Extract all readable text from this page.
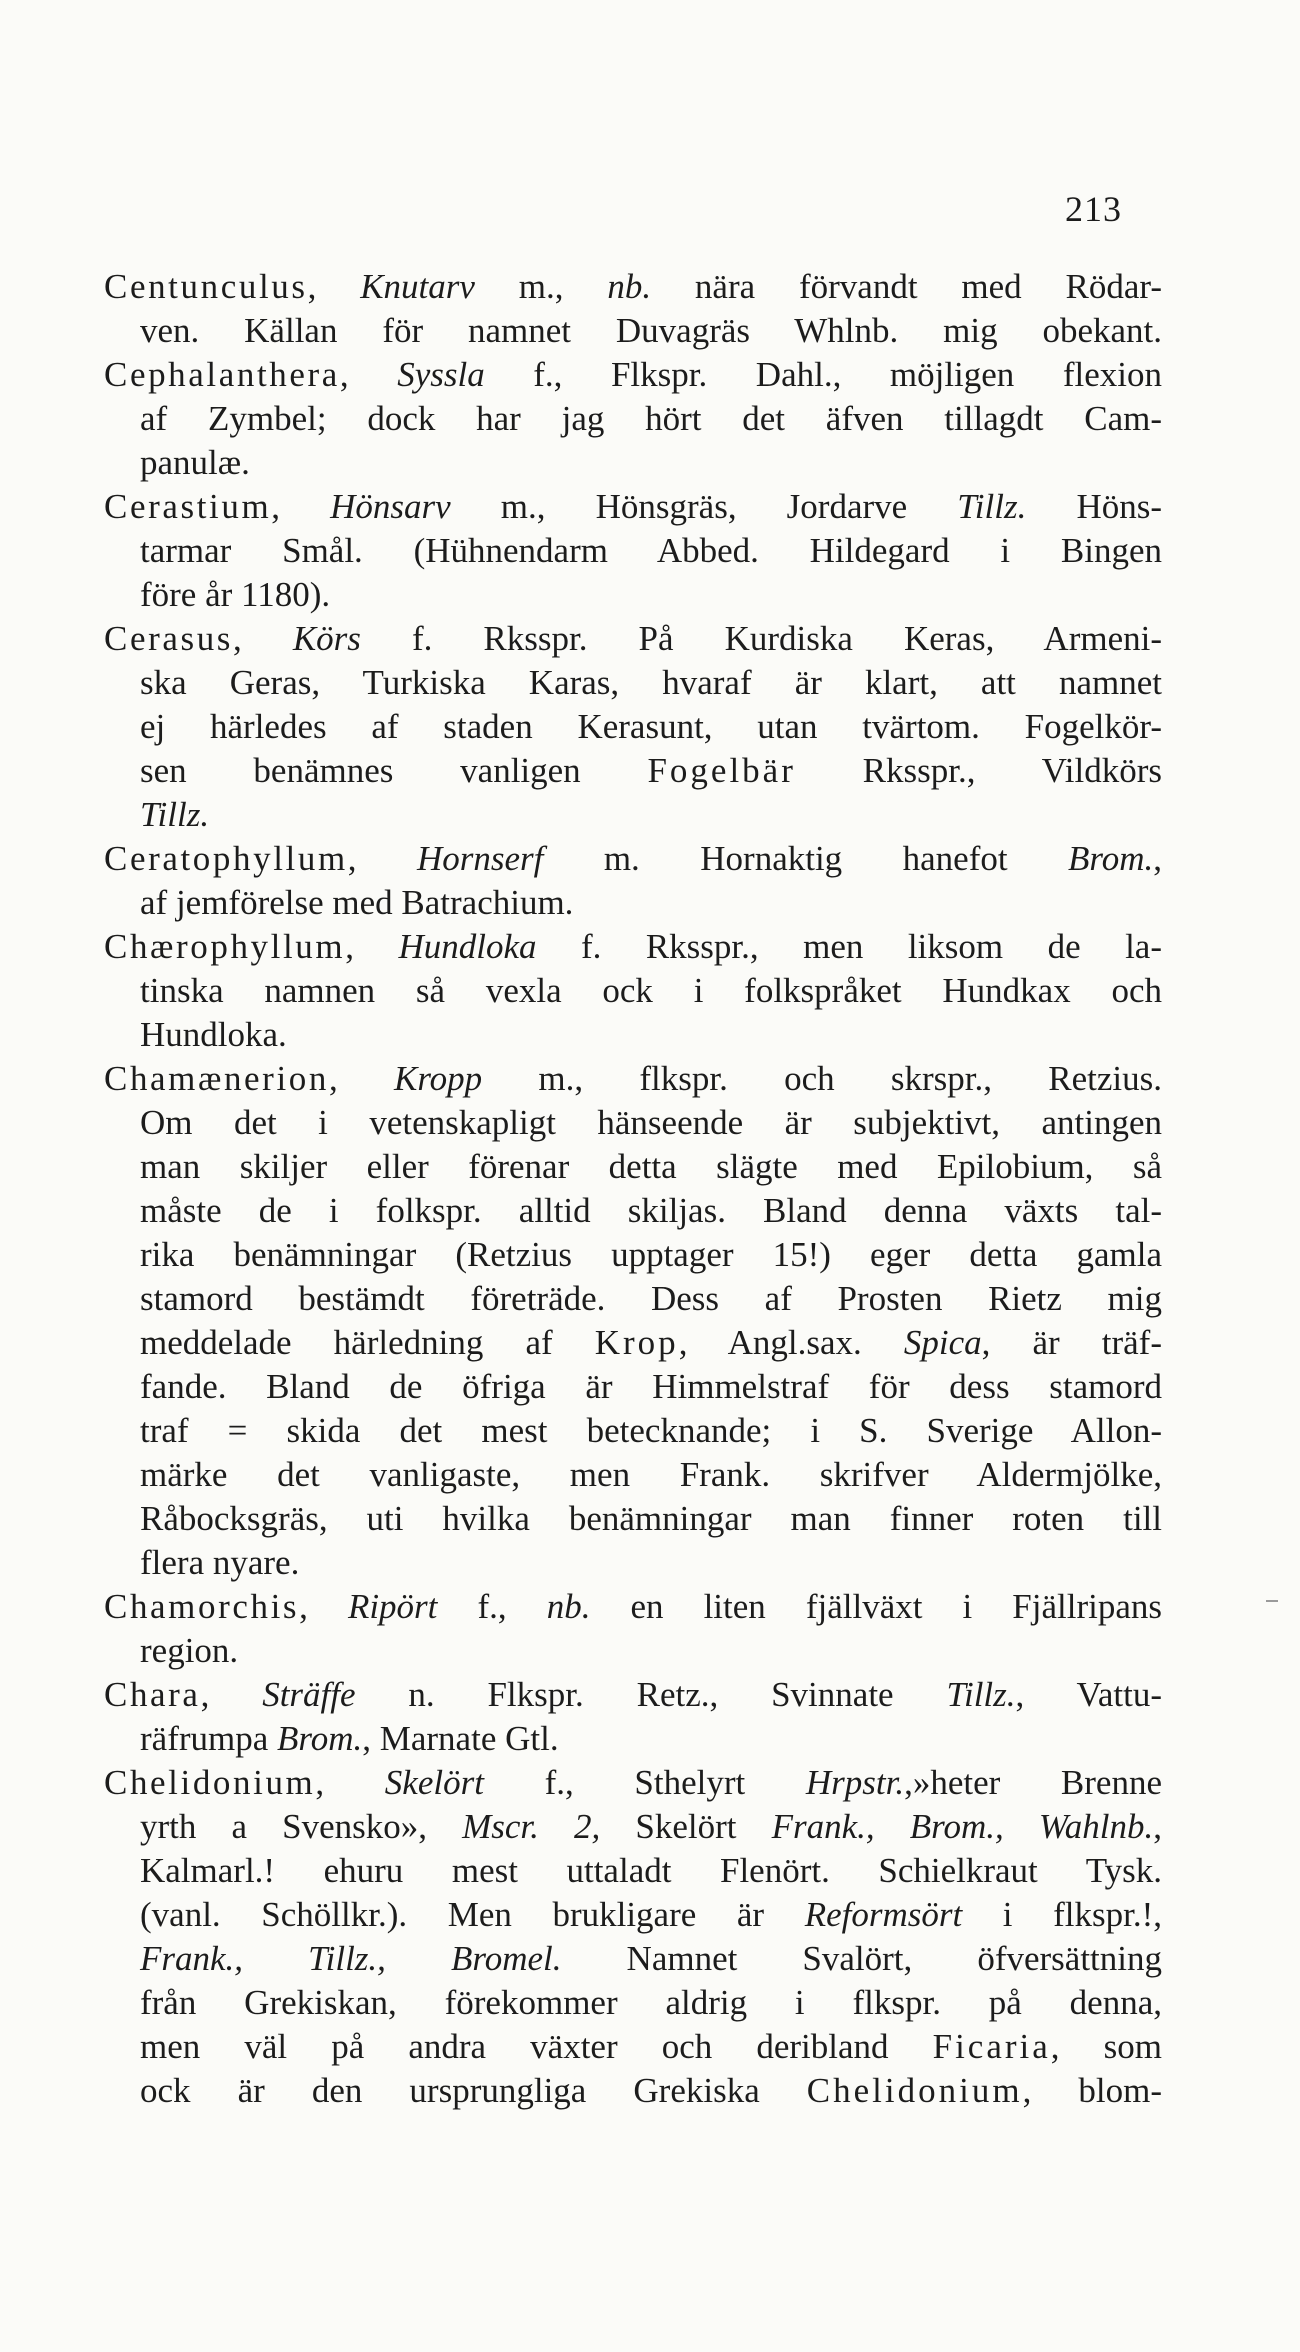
213
Centunculus, Knutarv m., nb. nära förvandt med Rödar-
ven. Källan för namnet Duvagräs Whlnb. mig obekant.
Cephalanthera, Syssla f., Flkspr. Dahl., möjligen flexion
af Zymbel; dock har jag hört det äfven tillagdt Cam-
panulæ.
Cerastium, Hönsarv m., Hönsgräs, Jordarve Tillz. Höns-
tarmar Smål. (Hühnendarm Abbed. Hildegard i Bingen
före år 1180).
Cerasus, Körs f. Rksspr. På Kurdiska Keras, Armeni-
ska Geras, Turkiska Karas, hvaraf är klart, att namnet
ej härledes af staden Kerasunt, utan tvärtom. Fogelkör-
sen benämnes vanligen Fogelbär Rksspr., Vildkörs
Tillz.
Ceratophyllum, Hornserf m. Hornaktig hanefot Brom.,
af jemförelse med Batrachium.
Chærophyllum, Hundloka f. Rksspr., men liksom de la-
tinska namnen så vexla ock i folkspråket Hundkax och
Hundloka.
Chamænerion, Kropp m., flkspr. och skrspr., Retzius.
Om det i vetenskapligt hänseende är subjektivt, antingen
man skiljer eller förenar detta slägte med Epilobium, så
måste de i folkspr. alltid skiljas. Bland denna växts tal-
rika benämningar (Retzius upptager 15!) eger detta gamla
stamord bestämdt företräde. Dess af Prosten Rietz mig
meddelade härledning af Krop, Angl.sax. Spica, är träf-
fande. Bland de öfriga är Himmelstraf för dess stamord
traf = skida det mest betecknande; i S. Sverige Allon-
märke det vanligaste, men Frank. skrifver Aldermjölke,
Råbocksgräs, uti hvilka benämningar man finner roten till
flera nyare.
Chamorchis, Ripört f., nb. en liten fjällväxt i Fjällripans
region.
Chara, Sträffe n. Flkspr. Retz., Svinnate Tillz., Vattu-
räfrumpa Brom., Marnate Gtl.
Chelidonium, Skelört f., Sthelyrt Hrpstr.,»heter Brenne
yrth a Svensko», Mscr. 2, Skelört Frank., Brom., Wahlnb.,
Kalmarl.! ehuru mest uttaladt Flenört. Schielkraut Tysk.
(vanl. Schöllkr.). Men brukligare är Reformsört i flkspr.!,
Frank., Tillz., Bromel. Namnet Svalört, öfversättning
från Grekiskan, förekommer aldrig i flkspr. på denna,
men väl på andra växter och deribland Ficaria, som
ock är den ursprungliga Grekiska Chelidonium, blom-
